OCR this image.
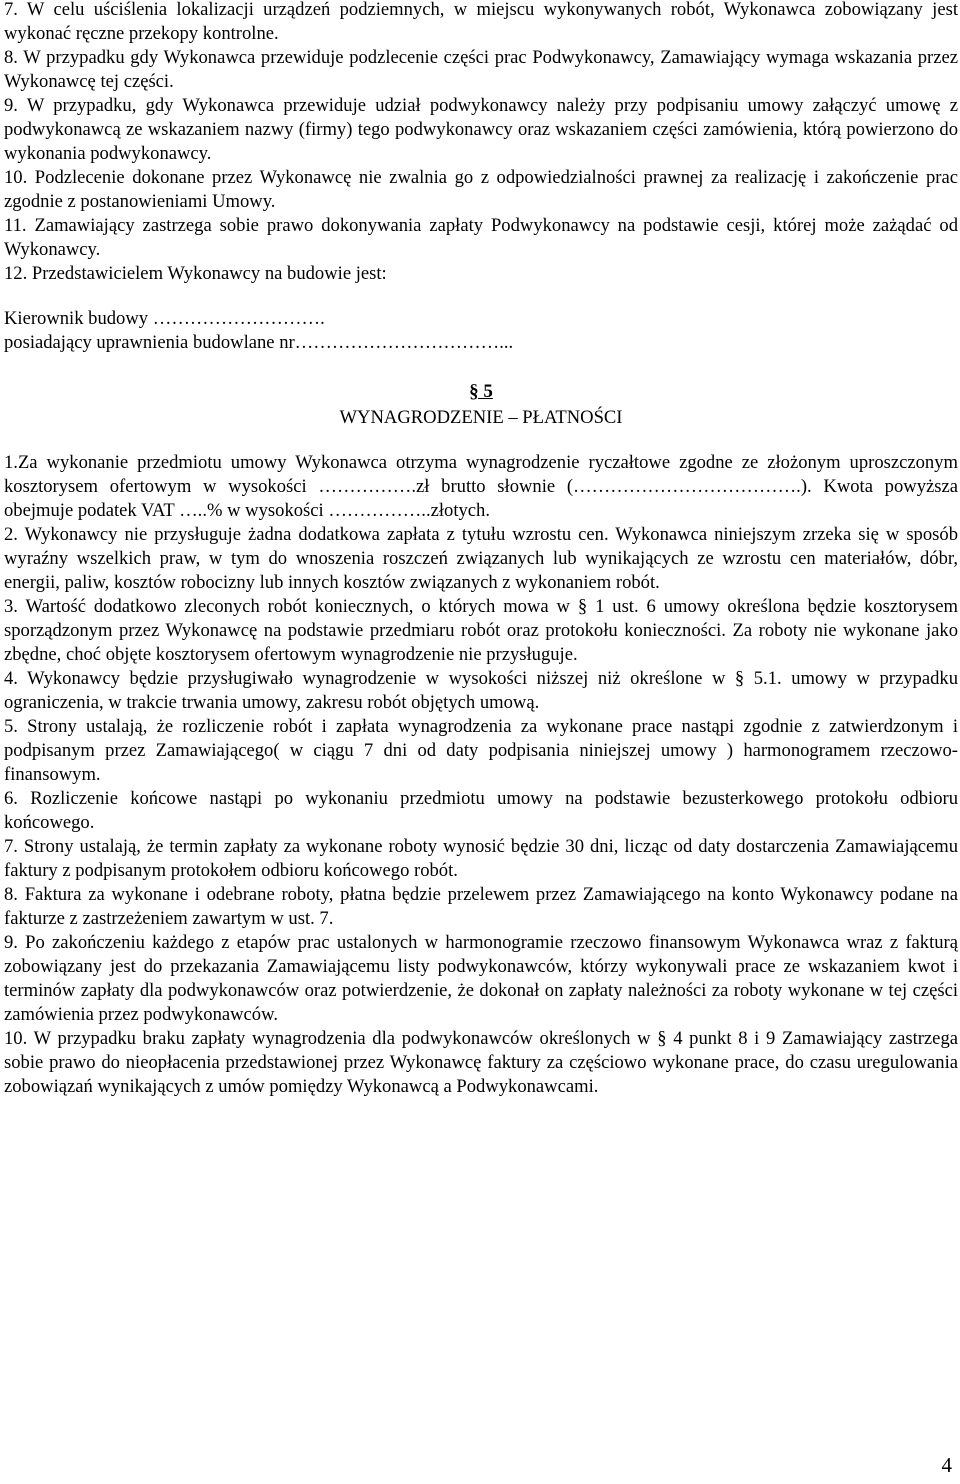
7. W celu uściślenia lokalizacji urządzeń podziemnych, w miejscu wykonywanych robót, Wykonawca zobowiązany jest wykonać ręczne przekopy kontrolne.

8. W przypadku gdy Wykonawca przewiduje podzlecenie części prac Podwykonawcy, Zamawiający wymaga wskazania przez Wykonawcę tej części.

9. W przypadku, gdy Wykonawca przewiduje udział podwykonawcy należy przy podpisaniu umowy załączyć umowę z podwykonawcą ze wskazaniem nazwy (firmy) tego podwykonawcy oraz wskazaniem części zamówienia, którą powierzono do wykonania podwykonawcy.

10. Podzlecenie dokonane przez Wykonawcę nie zwalnia go z odpowiedzialności prawnej za realizację i zakończenie prac zgodnie z postanowieniami Umowy.

11. Zamawiający zastrzega sobie prawo dokonywania zapłaty Podwykonawcy na podstawie cesji, której może zażądać od Wykonawcy.

12. Przedstawicielem Wykonawcy na budowie jest:

Kierownik budowy ……………………….

posiadający uprawnienia budowlane nr……………………………...

§ 5

WYNAGRODZENIE – PŁATNOŚCI

1.Za wykonanie przedmiotu umowy Wykonawca otrzyma wynagrodzenie ryczałtowe zgodne ze złożonym uproszczonym kosztorysem ofertowym w wysokości …………….zł brutto słownie (……………………………….). Kwota powyższa obejmuje podatek VAT …..% w wysokości ……………..złotych.

2. Wykonawcy nie przysługuje żadna dodatkowa zapłata z tytułu wzrostu cen. Wykonawca niniejszym zrzeka się w sposób wyraźny wszelkich praw, w tym do wnoszenia roszczeń związanych lub wynikających ze wzrostu cen materiałów, dóbr, energii, paliw, kosztów robocizny lub innych kosztów związanych z wykonaniem robót.

3. Wartość dodatkowo zleconych robót koniecznych, o których mowa w § 1 ust. 6 umowy określona będzie kosztorysem sporządzonym przez Wykonawcę na podstawie przedmiaru robót oraz protokołu konieczności. Za roboty nie wykonane jako zbędne, choć objęte kosztorysem ofertowym wynagrodzenie nie przysługuje.

4. Wykonawcy będzie przysługiwało wynagrodzenie w wysokości niższej niż określone w § 5.1. umowy w przypadku ograniczenia, w trakcie trwania umowy, zakresu robót objętych umową.

5. Strony ustalają, że rozliczenie robót i zapłata wynagrodzenia za wykonane prace nastąpi zgodnie z zatwierdzonym i podpisanym przez Zamawiającego( w ciągu 7 dni od daty podpisania niniejszej umowy ) harmonogramem rzeczowo-finansowym.

6. Rozliczenie końcowe nastąpi po wykonaniu przedmiotu umowy na podstawie bezusterkowego protokołu odbioru końcowego.

7. Strony ustalają, że termin zapłaty za wykonane roboty wynosić będzie 30 dni, licząc od daty dostarczenia Zamawiającemu faktury z podpisanym protokołem odbioru końcowego robót.

8. Faktura za wykonane i odebrane roboty, płatna będzie przelewem przez Zamawiającego na konto Wykonawcy podane na fakturze z zastrzeżeniem zawartym w ust. 7.

9. Po zakończeniu każdego z etapów prac ustalonych w harmonogramie rzeczowo finansowym Wykonawca wraz z fakturą zobowiązany jest do przekazania Zamawiającemu listy podwykonawców, którzy wykonywali prace ze wskazaniem kwot i terminów zapłaty dla podwykonawców oraz potwierdzenie, że dokonał on zapłaty należności za roboty wykonane w tej części zamówienia przez podwykonawców.

10. W przypadku braku zapłaty wynagrodzenia dla podwykonawców określonych w § 4 punkt 8 i 9 Zamawiający zastrzega sobie prawo do nieopłacenia przedstawionej przez Wykonawcę faktury za częściowo wykonane prace, do czasu uregulowania zobowiązań wynikających z umów pomiędzy Wykonawcą a Podwykonawcami.

4
